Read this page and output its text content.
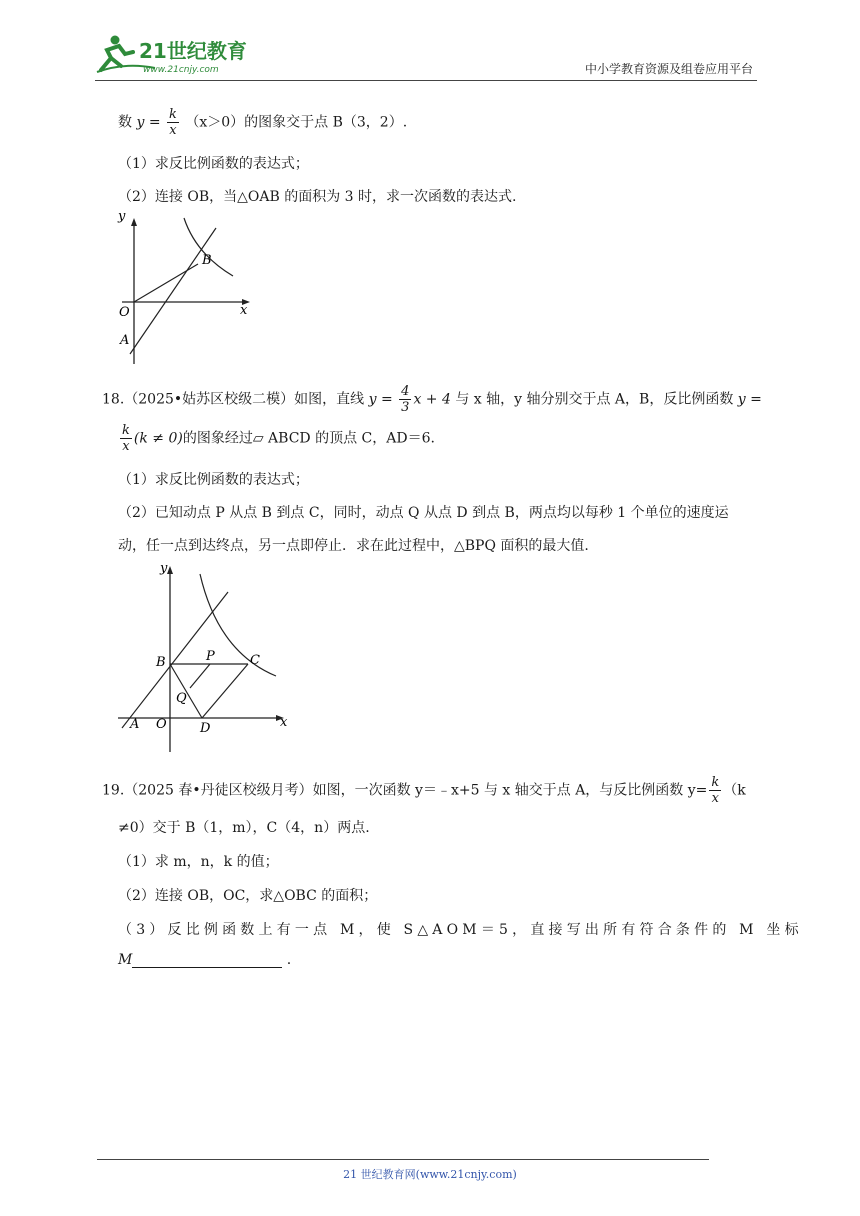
21世纪教育
www.21cnjy.com	中小学教育资源及组卷应用平台
数 $y = \frac{k}{x} (x>0)$的图象交于点 B（3，2）.
（1）求反比例函数的表达式；
（2）连接 OB，当△OAB 的面积为 3 时，求一次函数的表达式.
y
x
O
A
B
18.（2025•姑苏区校级二模）如图，直线 $y = \frac{4}{3}$ x + 4 与 x 轴，y 轴分别交于点 A，B，反比例函数 y =
$\frac{k}{x} (k \ne 0)$的图象经过▱ ABCD 的顶点 C，AD＝6.
（1）求反比例函数的表达式；
（2）已知动点 P 从点 B 到点 C，同时，动点 Q 从点 D 到点 B，两点均以每秒 1 个单位的速度运
动，任一点到达终点，另一点即停止．求在此过程中，△BPQ 面积的最大值.
y
x
O
A
B	C
D
P
Q
19.（2025 春•丹徒区校级月考）如图，一次函数 y＝﹣x+5 与 x 轴交于点 A，与反比例函数 $y= \frac{k}{x} (k$
≠0）交于 B（1，m），C（4，n）两点.
（1）求 m，n，k 的值；
（2）连接 OB，OC，求△OBC 的面积；
（3）反比例函数上有一点 M，使 S△AOM＝5，直接写出所有符合条件的 M 坐标
M	.
21 世纪教育网(www.21cnjy.com)
